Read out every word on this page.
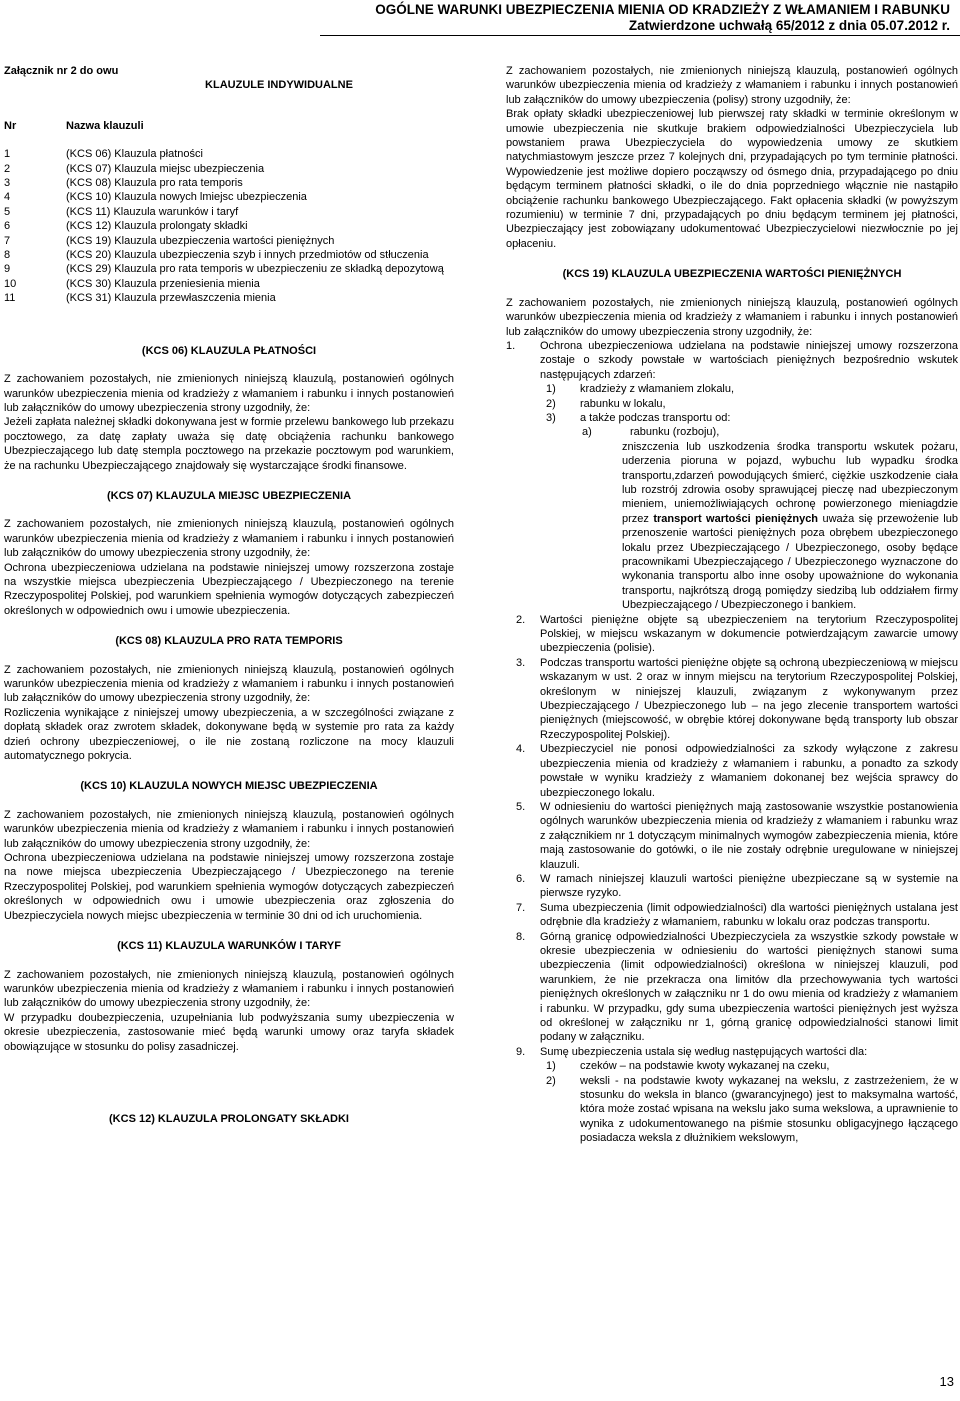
OGÓLNE WARUNKI UBEZPIECZENIA MIENIA OD KRADZIEŻY Z WŁAMANIEM I RABUNKU
Zatwierdzone uchwałą 65/2012 z dnia 05.07.2012 r.

Załącznik nr 2 do owu

KLAUZULE INDYWIDUALNE

Nr	Nazwa klauzuli
1	(KCS 06) Klauzula płatności
2	(KCS 07) Klauzula miejsc ubezpieczenia
3	(KCS 08) Klauzula pro rata temporis
4	(KCS 10) Klauzula nowych lmiejsc ubezpieczenia
5	(KCS 11) Klauzula warunków i taryf
6	(KCS 12) Klauzula prolongaty składki
7	(KCS 19) Klauzula ubezpieczenia wartości pieniężnych
8	(KCS 20) Klauzula ubezpieczenia szyb i innych przedmiotów od stłuczenia
9	(KCS 29) Klauzula pro rata temporis w ubezpieczeniu ze składką depozytową
10	(KCS 30) Klauzula przeniesienia mienia
11	(KCS 31) Klauzula przewłaszczenia mienia

(KCS 06) KLAUZULA PŁATNOŚCI

Z zachowaniem pozostałych, nie zmienionych niniejszą klauzulą, postanowień ogólnych warunków ubezpieczenia mienia od kradzieży z włamaniem i rabunku i innych postanowień lub załączników do umowy ubezpieczenia strony uzgodniły, że:

Jeżeli zapłata należnej składki dokonywana jest w formie przelewu bankowego lub przekazu pocztowego, za datę zapłaty uważa się datę obciążenia rachunku bankowego Ubezpieczającego lub datę stempla pocztowego na przekazie pocztowym pod warunkiem, że na rachunku Ubezpieczającego znajdowały się wystarczające środki finansowe.

(KCS 07) KLAUZULA MIEJSC UBEZPIECZENIA

Z zachowaniem pozostałych, nie zmienionych niniejszą klauzulą, postanowień ogólnych warunków ubezpieczenia mienia od kradzieży z włamaniem i rabunku i innych postanowień lub załączników do umowy ubezpieczenia strony uzgodniły, że:

Ochrona ubezpieczeniowa udzielana na podstawie niniejszej umowy rozszerzona zostaje na wszystkie miejsca ubezpieczenia Ubezpieczającego / Ubezpieczonego na terenie Rzeczypospolitej Polskiej, pod warunkiem spełnienia wymogów dotyczących zabezpieczeń określonych w odpowiednich owu i umowie ubezpieczenia.

(KCS 08) KLAUZULA PRO RATA TEMPORIS

Z zachowaniem pozostałych, nie zmienionych niniejszą klauzulą, postanowień ogólnych warunków ubezpieczenia mienia od kradzieży z włamaniem i rabunku i innych postanowień lub załączników do umowy ubezpieczenia strony uzgodniły, że:

Rozliczenia wynikające z niniejszej umowy ubezpieczenia, a w szczególności związane z dopłatą składek oraz zwrotem składek, dokonywane będą w systemie pro rata za każdy dzień ochrony ubezpieczeniowej, o ile nie zostaną rozliczone na mocy klauzuli automatycznego pokrycia.

(KCS 10) KLAUZULA NOWYCH MIEJSC UBEZPIECZENIA

Z zachowaniem pozostałych, nie zmienionych niniejszą klauzulą, postanowień ogólnych warunków ubezpieczenia mienia od kradzieży z włamaniem i rabunku i innych postanowień lub załączników do umowy ubezpieczenia strony uzgodniły, że:

Ochrona ubezpieczeniowa udzielana na podstawie niniejszej umowy rozszerzona zostaje na nowe miejsca ubezpieczenia Ubezpieczającego / Ubezpieczonego na terenie Rzeczypospolitej Polskiej, pod warunkiem spełnienia wymogów dotyczących zabezpieczeń określonych w odpowiednich owu i umowie ubezpieczenia oraz zgłoszenia do Ubezpieczyciela nowych miejsc ubezpieczenia w terminie 30 dni od ich uruchomienia.

(KCS 11) KLAUZULA WARUNKÓW I TARYF

Z zachowaniem pozostałych, nie zmienionych niniejszą klauzulą, postanowień ogólnych warunków ubezpieczenia mienia od kradzieży z włamaniem i rabunku i innych postanowień lub załączników do umowy ubezpieczenia strony uzgodniły, że:

W przypadku doubezpieczenia, uzupełniania lub podwyższania sumy ubezpieczenia w okresie ubezpieczenia, zastosowanie mieć będą warunki umowy oraz taryfa składek obowiązujące w stosunku do polisy zasadniczej.

(KCS 12) KLAUZULA PROLONGATY SKŁADKI

Z zachowaniem pozostałych, nie zmienionych niniejszą klauzulą, postanowień ogólnych warunków ubezpieczenia mienia od kradzieży z włamaniem i rabunku i innych postanowień lub załączników do umowy ubezpieczenia (polisy) strony uzgodniły, że:

Brak opłaty składki ubezpieczeniowej lub pierwszej raty składki w terminie określonym w umowie ubezpieczenia nie skutkuje brakiem odpowiedzialności Ubezpieczyciela lub powstaniem prawa Ubezpieczyciela do wypowiedzenia umowy ze skutkiem natychmiastowym jeszcze przez 7 kolejnych dni, przypadających po tym terminie płatności. Wypowiedzenie jest możliwe dopiero począwszy od ósmego dnia, przypadającego po dniu będącym terminem płatności składki, o ile do dnia poprzedniego włącznie nie nastąpiło obciążenie rachunku bankowego Ubezpieczającego. Fakt opłacenia składki (w powyższym rozumieniu) w terminie 7 dni, przypadających po dniu będącym terminem jej płatności, Ubezpieczający jest zobowiązany udokumentować Ubezpieczycielowi niezwłocznie po jej opłaceniu.

(KCS 19) KLAUZULA UBEZPIECZENIA WARTOŚCI PIENIĘŻNYCH

Z zachowaniem pozostałych, nie zmienionych niniejszą klauzulą, postanowień ogólnych warunków ubezpieczenia mienia od kradzieży z włamaniem i rabunku i innych postanowień lub załączników do umowy ubezpieczenia strony uzgodniły, że:

1.	Ochrona ubezpieczeniowa udzielana na podstawie niniejszej umowy rozszerzona zostaje o szkody powstałe w wartościach pieniężnych bezpośrednio wskutek następujących zdarzeń:
1)	kradzieży z włamaniem zlokalu,
2)	rabunku w lokalu,
3)	a także podczas transportu od:
a)	rabunku (rozboju),
zniszczenia lub uszkodzenia środka transportu wskutek pożaru, uderzenia pioruna w pojazd, wybuchu lub wypadku środka transportu,zdarzeń powodujących śmierć, ciężkie uszkodzenie ciała lub rozstrój zdrowia osoby sprawującej pieczę nad ubezpieczonym mieniem, uniemożliwiających ochronę powierzonego mieniagdzie przez transport wartości pieniężnych uważa się przewożenie lub przenoszenie wartości pieniężnych poza obrębem ubezpieczonego lokalu przez Ubezpieczającego / Ubezpieczonego, osoby będące pracownikami Ubezpieczającego / Ubezpieczonego wyznaczone do wykonania transportu albo inne osoby upoważnione do wykonania transportu, najkrótszą drogą pomiędzy siedzibą lub oddziałem firmy Ubezpieczającego / Ubezpieczonego i bankiem.
2.	Wartości pieniężne objęte są ubezpieczeniem na terytorium Rzeczypospolitej Polskiej, w miejscu wskazanym w dokumencie potwierdzającym zawarcie umowy ubezpieczenia (polisie).
3.	Podczas transportu wartości pieniężne objęte są ochroną ubezpieczeniową w miejscu wskazanym w ust. 2 oraz w innym miejscu na terytorium Rzeczypospolitej Polskiej, określonym w niniejszej klauzuli, związanym z wykonywanym przez Ubezpieczającego / Ubezpieczonego lub – na jego zlecenie transportem wartości pieniężnych (miejscowość, w obrębie której dokonywane będą transporty lub obszar Rzeczypospolitej Polskiej).
4.	Ubezpieczyciel nie ponosi odpowiedzialności za szkody wyłączone z zakresu ubezpieczenia mienia od kradzieży z włamaniem i rabunku, a ponadto za szkody powstałe w wyniku kradzieży z włamaniem dokonanej bez wejścia sprawcy do ubezpieczonego lokalu.
5.	W odniesieniu do wartości pieniężnych mają zastosowanie wszystkie postanowienia ogólnych warunków ubezpieczenia mienia od kradzieży z włamaniem i rabunku wraz z załącznikiem nr 1 dotyczącym minimalnych wymogów zabezpieczenia mienia, które mają zastosowanie do gotówki, o ile nie zostały odrębnie uregulowane w niniejszej klauzuli.
6.	W ramach niniejszej klauzuli wartości pieniężne ubezpieczane są w systemie na pierwsze ryzyko.
7.	Suma ubezpieczenia (limit odpowiedzialności) dla wartości pieniężnych ustalana jest odrębnie dla kradzieży z włamaniem, rabunku w lokalu oraz podczas transportu.
8.	Górną granicę odpowiedzialności Ubezpieczyciela za wszystkie szkody powstałe w okresie ubezpieczenia w odniesieniu do wartości pieniężnych stanowi suma ubezpieczenia (limit odpowiedzialności) określona w niniejszej klauzuli, pod warunkiem, że nie przekracza ona limitów dla przechowywania tych wartości pieniężnych określonych w załączniku nr 1 do owu mienia od kradzieży z włamaniem i rabunku. W przypadku, gdy suma ubezpieczenia wartości pieniężnych jest wyższa od określonej w załączniku nr 1, górną granicę odpowiedzialności stanowi limit podany w załączniku.
9.	Sumę ubezpieczenia ustala się według następujących wartości dla:
1)	czeków – na podstawie kwoty wykazanej na czeku,
2)	weksli - na podstawie kwoty wykazanej na wekslu, z zastrzeżeniem, że w stosunku do weksla in blanco (gwarancyjnego) jest to maksymalna wartość, która może zostać wpisana na wekslu jako suma wekslowa, a uprawnienie to wynika z udokumentowanego na piśmie stosunku obligacyjnego łączącego posiadacza weksla z dłużnikiem wekslowym,
13
